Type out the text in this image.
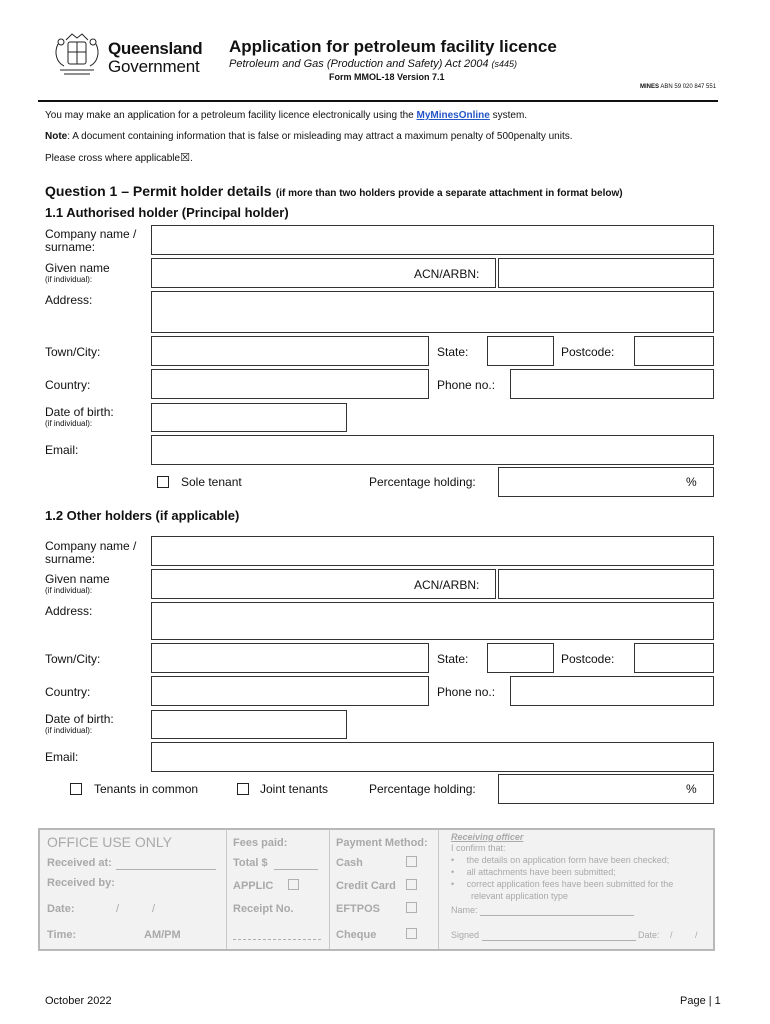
Queensland
Government
Application for petroleum facility licence
Petroleum and Gas (Production and Safety) Act 2004 (s445)
Form MMOL-18 Version 7.1
MINES ABN 59 020 847 551
You may make an application for a petroleum facility licence electronically using the MyMinesOnline system.
Note: A document containing information that is false or misleading may attract a maximum penalty of 500penalty units.
Please cross where applicable☒.
Question 1 – Permit holder details (if more than two holders provide a separate attachment in format below)
1.1 Authorised holder (Principal holder)
Company name /
surname:
Given name
(if individual):	ACN/ARBN:
Address:
Town/City:	State:	Postcode:
Country:	Phone no.:
Date of birth:
(if individual):
Email:
Sole tenant	Percentage holding:	%
1.2 Other holders (if applicable)
Company name /
surname:
Given name
(if individual):	ACN/ARBN:
Address:
Town/City:	State:	Postcode:
Country:	Phone no.:
Date of birth:
(if individual):
Email:
Tenants in common	Joint tenants	Percentage holding:	%
OFFICE USE ONLY
Received at:
Received by:
Date:	/	/
Time:	AM/PM
Fees paid:
Total $
APPLIC
Receipt No.
Payment Method:
Cash
Credit Card
EFTPOS
Cheque
Receiving officer
I confirm that:
•     the details on application form have been checked;
•     all attachments have been submitted;
•     correct application fees have been submitted for the
relevant application type
Name:
Signed	Date: /         /
October 2022	Page | 1
